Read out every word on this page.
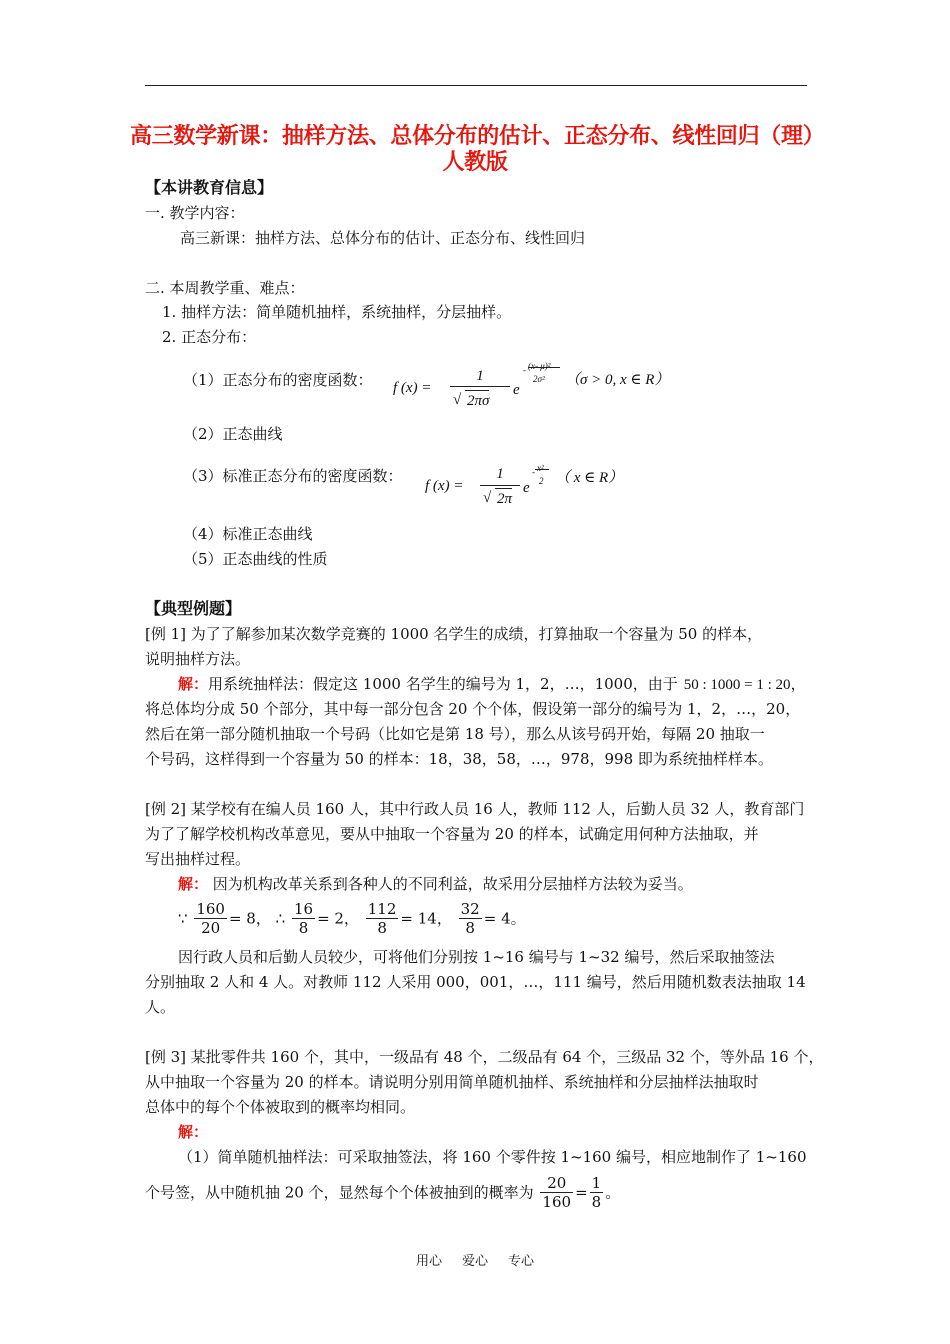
高三数学新课：抽样方法、总体分布的估计、正态分布、线性回归（理）
人教版
【本讲教育信息】
一. 教学内容：
高三新课：抽样方法、总体分布的估计、正态分布、线性回归
二. 本周教学重、难点：
1. 抽样方法：简单随机抽样，系统抽样，分层抽样。
2. 正态分布：
（1）正态分布的密度函数： f (x) =
1
√ 2πσ
e
- (x- μ)²
2σ² （σ > 0, x ∈ R）
（2）正态曲线
（3）标准正态分布的密度函数：
f (x) =
1
√ 2π
e
- x²
2 （ x ∈ R）
（4）标准正态曲线
（5）正态曲线的性质
【典型例题】
[例 1] 为了了解参加某次数学竞赛的 1000 名学生的成绩，打算抽取一个容量为 50 的样本，
说明抽样方法。
解：用系统抽样法：假定这 1000 名学生的编号为 1，2，…，1000，由于 50 : 1000 = 1 : 20，
将总体均分成 50 个部分，其中每一部分包含 20 个个体，假设第一部分的编号为 1，2，…，20，
然后在第一部分随机抽取一个号码（比如它是第 18 号），那么从该号码开始，每隔 20 抽取一
个号码，这样得到一个容量为 50 的样本：18，38，58，…，978，998 即为系统抽样样本。
[例 2] 某学校有在编人员 160 人，其中行政人员 16 人，教师 112 人，后勤人员 32 人，教育部门
为了了解学校机构改革意见，要从中抽取一个容量为 20 的样本，试确定用何种方法抽取，并
写出抽样过程。
解： 因为机构改革关系到各种人的不同利益，故采用分层抽样方法较为妥当。
∵ $\frac{160}{20} = 8$， ∴ $\frac{16}{8} = 2$， $\frac{112}{8} = 14$， $\frac{32}{8} = 4$。
因行政人员和后勤人员较少，可将他们分别按 1~16 编号与 1~32 编号，然后采取抽签法
分别抽取 2 人和 4 人。对教师 112 人采用 000，001，…，111 编号，然后用随机数表法抽取 14
人。
[例 3] 某批零件共 160 个，其中，一级品有 48 个，二级品有 64 个，三级品 32 个，等外品 16 个，
从中抽取一个容量为 20 的样本。请说明分别用简单随机抽样、系统抽样和分层抽样法抽取时
总体中的每个个体被取到的概率均相同。
解：
（1）简单随机抽样法：可采取抽签法，将 160 个零件按 1~160 编号，相应地制作了 1~160
个号签，从中随机抽 20 个，显然每个个体被抽到的概率为 $\frac{20}{160} = \frac{1}{8}$ 。
用心 爱心 专心
